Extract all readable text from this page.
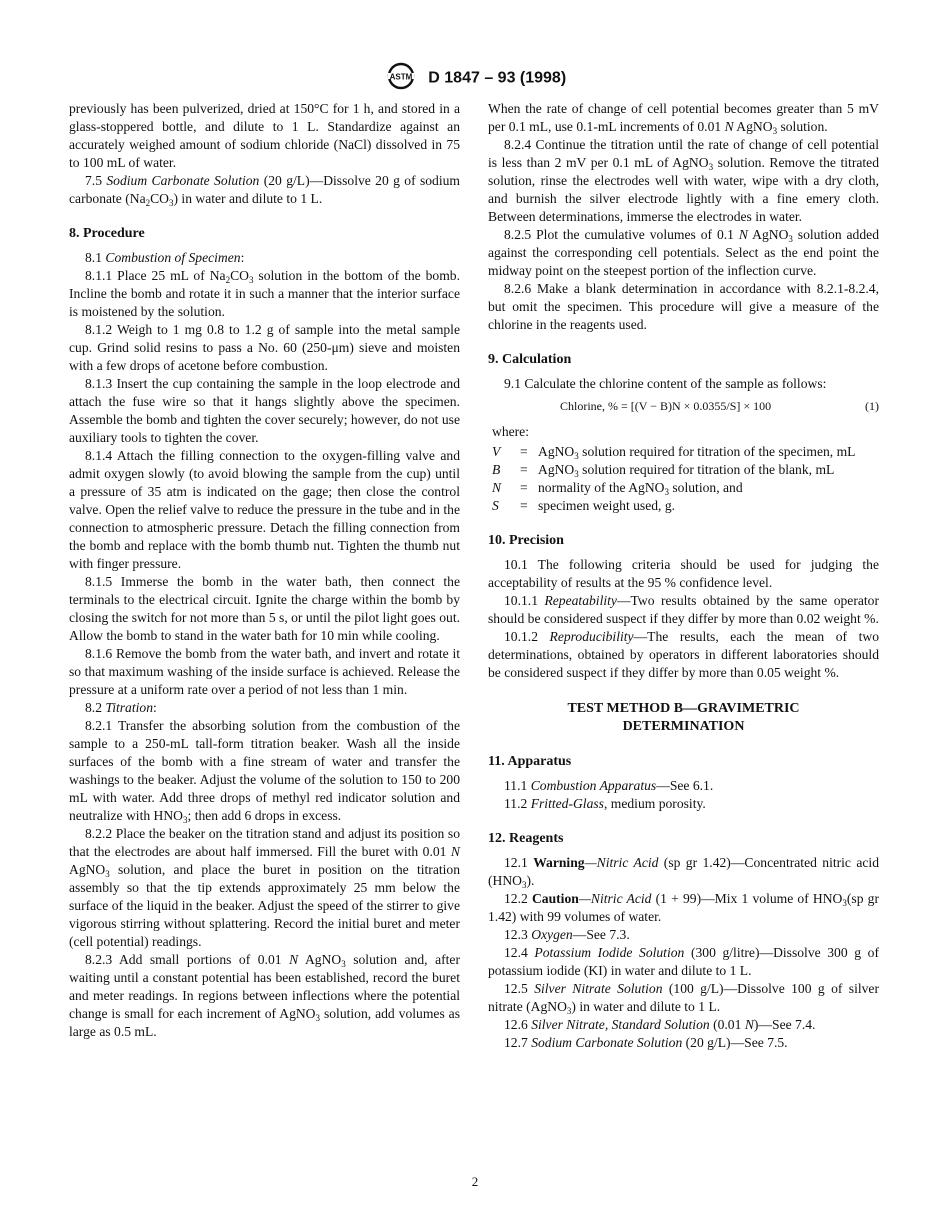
ASTM D 1847 – 93 (1998)

previously has been pulverized, dried at 150°C for 1 h, and stored in a glass-stoppered bottle, and dilute to 1 L. Standardize against an accurately weighed amount of sodium chloride (NaCl) dissolved in 75 to 100 mL of water.

7.5 Sodium Carbonate Solution (20 g/L)—Dissolve 20 g of sodium carbonate $(Na_2CO_3)$ in water and dilute to 1 L.

8. Procedure

8.1 Combustion of Specimen:

8.1.1 Place 25 mL of $Na_2CO_3$ solution in the bottom of the bomb. Incline the bomb and rotate it in such a manner that the interior surface is moistened by the solution.

8.1.2 Weigh to 1 mg 0.8 to 1.2 g of sample into the metal sample cup. Grind solid resins to pass a No. 60 (250-μm) sieve and moisten with a few drops of acetone before combustion.

8.1.3 Insert the cup containing the sample in the loop electrode and attach the fuse wire so that it hangs slightly above the specimen. Assemble the bomb and tighten the cover securely; however, do not use auxiliary tools to tighten the cover.

8.1.4 Attach the filling connection to the oxygen-filling valve and admit oxygen slowly (to avoid blowing the sample from the cup) until a pressure of 35 atm is indicated on the gage; then close the control valve. Open the relief valve to reduce the pressure in the tube and in the connection to atmospheric pressure. Detach the filling connection from the bomb and replace with the bomb thumb nut. Tighten the thumb nut with finger pressure.

8.1.5 Immerse the bomb in the water bath, then connect the terminals to the electrical circuit. Ignite the charge within the bomb by closing the switch for not more than 5 s, or until the pilot light goes out. Allow the bomb to stand in the water bath for 10 min while cooling.

8.1.6 Remove the bomb from the water bath, and invert and rotate it so that maximum washing of the inside surface is achieved. Release the pressure at a uniform rate over a period of not less than 1 min.

8.2 Titration:

8.2.1 Transfer the absorbing solution from the combustion of the sample to a 250-mL tall-form titration beaker. Wash all the inside surfaces of the bomb with a fine stream of water and transfer the washings to the beaker. Adjust the volume of the solution to 150 to 200 mL with water. Add three drops of methyl red indicator solution and neutralize with $HNO_3$; then add 6 drops in excess.

8.2.2 Place the beaker on the titration stand and adjust its position so that the electrodes are about half immersed. Fill the buret with 0.01 N AgNO$_3$ solution, and place the buret in position on the titration assembly so that the tip extends approximately 25 mm below the surface of the liquid in the beaker. Adjust the speed of the stirrer to give vigorous stirring without splattering. Record the initial buret and meter (cell potential) readings.

8.2.3 Add small portions of 0.01 N AgNO$_3$ solution and, after waiting until a constant potential has been established, record the buret and meter readings. In regions between inflections where the potential change is small for each increment of AgNO$_3$ solution, add volumes as large as 0.5 mL.

When the rate of change of cell potential becomes greater than 5 mV per 0.1 mL, use 0.1-mL increments of 0.01 N AgNO$_3$ solution.

8.2.4 Continue the titration until the rate of change of cell potential is less than 2 mV per 0.1 mL of AgNO$_3$ solution. Remove the titrated solution, rinse the electrodes well with water, wipe with a dry cloth, and burnish the silver electrode lightly with a fine emery cloth. Between determinations, immerse the electrodes in water.

8.2.5 Plot the cumulative volumes of 0.1 N AgNO$_3$ solution added against the corresponding cell potentials. Select as the end point the midway point on the steepest portion of the inflection curve.

8.2.6 Make a blank determination in accordance with 8.2.1-8.2.4, but omit the specimen. This procedure will give a measure of the chlorine in the reagents used.

9. Calculation

9.1 Calculate the chlorine content of the sample as follows:

Chlorine, % = [(V − B)N × 0.0355/S] × 100	(1)

where:

V	= AgNO$_3$ solution required for titration of the specimen, mL
B	= AgNO$_3$ solution required for titration of the blank, mL
N	= normality of the AgNO$_3$ solution, and
S	= specimen weight used, g.
10. Precision

10.1 The following criteria should be used for judging the acceptability of results at the 95 % confidence level.

10.1.1 Repeatability—Two results obtained by the same operator should be considered suspect if they differ by more than 0.02 weight %.

10.1.2 Reproducibility—The results, each the mean of two determinations, obtained by operators in different laboratories should be considered suspect if they differ by more than 0.05 weight %.

TEST METHOD B—GRAVIMETRIC DETERMINATION
11. Apparatus

11.1 Combustion Apparatus—See 6.1.

11.2 Fritted-Glass, medium porosity.

12. Reagents

12.1 Warning—Nitric Acid (sp gr 1.42)—Concentrated nitric acid $(HNO_3)$.

12.2 Caution—Nitric Acid (1 + 99)—Mix 1 volume of $HNO_3(sp$ gr 1.42) with 99 volumes of water.

12.3 Oxygen—See 7.3.

12.4 Potassium Iodide Solution (300 g/litre)—Dissolve 300 g of potassium iodide (KI) in water and dilute to 1 L.

12.5 Silver Nitrate Solution (100 g/L)—Dissolve 100 g of silver nitrate (AgNO$_3$) in water and dilute to 1 L.

12.6 Silver Nitrate, Standard Solution (0.01 N)—See 7.4.

12.7 Sodium Carbonate Solution (20 g/L)—See 7.5.

2
